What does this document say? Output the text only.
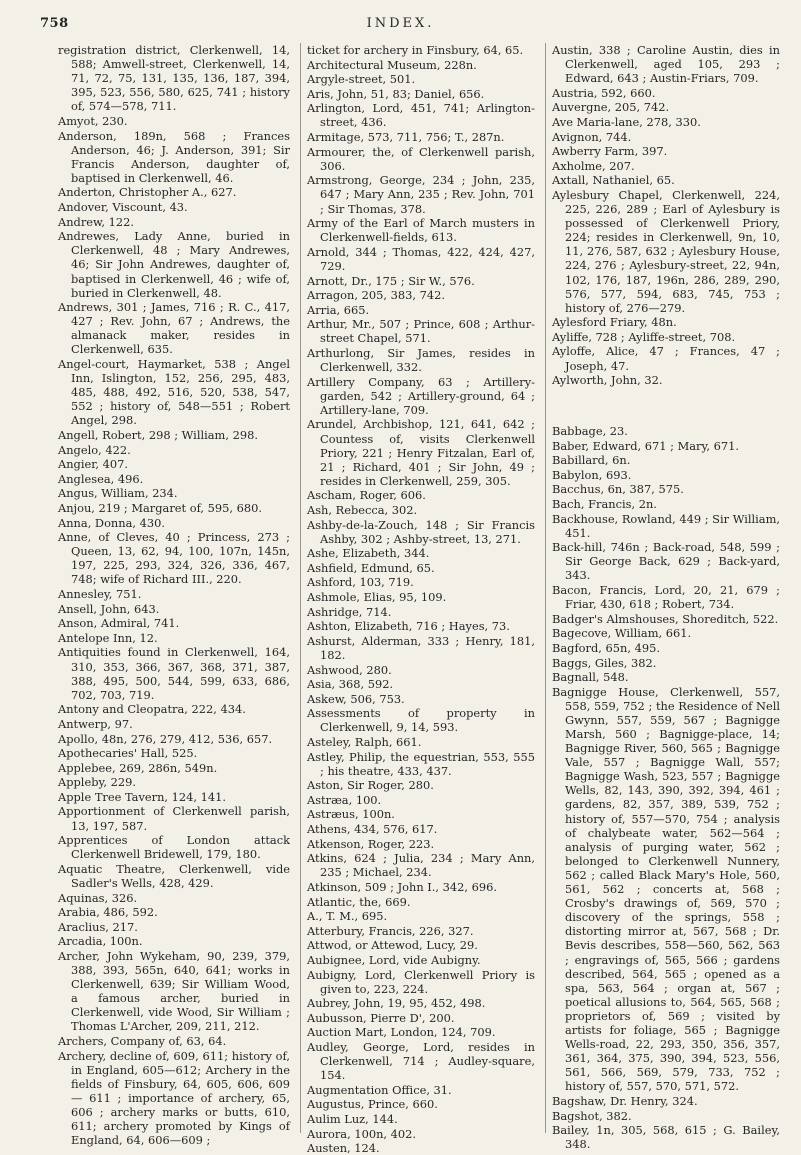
758	INDEX.

registration district, Clerkenwell, 14, 588; Amwell-street, Clerkenwell, 14, 71, 72, 75, 131, 135, 136, 187, 394, 395, 523, 556, 580, 625, 741 ; history of, 574—578, 711.

Amyot, 230.

Anderson, 189n, 568 ; Frances Anderson, 46; J. Anderson, 391; Sir Francis Anderson, daughter of, baptised in Clerkenwell, 46.

Anderton, Christopher A., 627.

Andover, Viscount, 43.

Andrew, 122.

Andrewes, Lady Anne, buried in Clerkenwell, 48 ; Mary Andrewes, 46; Sir John Andrewes, daughter of, baptised in Clerkenwell, 46 ; wife of, buried in Clerkenwell, 48.

Andrews, 301 ; James, 716 ; R. C., 417, 427 ; Rev. John, 67 ; Andrews, the almanack maker, resides in Clerkenwell, 635.

Angel-court, Haymarket, 538 ; Angel Inn, Islington, 152, 256, 295, 483, 485, 488, 492, 516, 520, 538, 547, 552 ; history of, 548—551 ; Robert Angel, 298.

Angell, Robert, 298 ; William, 298.

Angelo, 422.

Angier, 407.

Anglesea, 496.

Angus, William, 234.

Anjou, 219 ; Margaret of, 595, 680.

Anna, Donna, 430.

Anne, of Cleves, 40 ; Princess, 273 ; Queen, 13, 62, 94, 100, 107n, 145n, 197, 225, 293, 324, 326, 336, 467, 748; wife of Richard III., 220.

Annesley, 751.

Ansell, John, 643.

Anson, Admiral, 741.

Antelope Inn, 12.

Antiquities found in Clerkenwell, 164, 310, 353, 366, 367, 368, 371, 387, 388, 495, 500, 544, 599, 633, 686, 702, 703, 719.

Antony and Cleopatra, 222, 434.

Antwerp, 97.

Apollo, 48n, 276, 279, 412, 536, 657.

Apothecaries' Hall, 525.

Applebee, 269, 286n, 549n.

Appleby, 229.

Apple Tree Tavern, 124, 141.

Apportionment of Clerkenwell parish, 13, 197, 587.

Apprentices of London attack Clerkenwell Bridewell, 179, 180.

Aquatic Theatre, Clerkenwell, vide Sadler's Wells, 428, 429.

Aquinas, 326.

Arabia, 486, 592.

Araclius, 217.

Arcadia, 100n.

Archer, John Wykeham, 90, 239, 379, 388, 393, 565n, 640, 641; works in Clerkenwell, 639; Sir William Wood, a famous archer, buried in Clerkenwell, vide Wood, Sir William ; Thomas L'Archer, 209, 211, 212.

Archers, Company of, 63, 64.

Archery, decline of, 609, 611; history of, in England, 605—612; Archery in the fields of Finsbury, 64, 605, 606, 609 — 611 ; importance of archery, 65, 606 ; archery marks or butts, 610, 611; archery promoted by Kings of England, 64, 606—609 ;

ticket for archery in Finsbury, 64, 65.

Architectural Museum, 228n.

Argyle-street, 501.

Aris, John, 51, 83; Daniel, 656.

Arlington, Lord, 451, 741; Arlington-street, 436.

Armitage, 573, 711, 756; T., 287n.

Armourer, the, of Clerkenwell parish, 306.

Armstrong, George, 234 ; John, 235, 647 ; Mary Ann, 235 ; Rev. John, 701 ; Sir Thomas, 378.

Army of the Earl of March musters in Clerkenwell-fields, 613.

Arnold, 344 ; Thomas, 422, 424, 427, 729.

Arnott, Dr., 175 ; Sir W., 576.

Arragon, 205, 383, 742.

Arria, 665.

Arthur, Mr., 507 ; Prince, 608 ; Arthur-street Chapel, 571.

Arthurlong, Sir James, resides in Clerkenwell, 332.

Artillery Company, 63 ; Artillery-garden, 542 ; Artillery-ground, 64 ; Artillery-lane, 709.

Arundel, Archbishop, 121, 641, 642 ; Countess of, visits Clerkenwell Priory, 221 ; Henry Fitzalan, Earl of, 21 ; Richard, 401 ; Sir John, 49 ; resides in Clerkenwell, 259, 305.

Ascham, Roger, 606.

Ash, Rebecca, 302.

Ashby-de-la-Zouch, 148 ; Sir Francis Ashby, 302 ; Ashby-street, 13, 271.

Ashe, Elizabeth, 344.

Ashfield, Edmund, 65.

Ashford, 103, 719.

Ashmole, Elias, 95, 109.

Ashridge, 714.

Ashton, Elizabeth, 716 ; Hayes, 73.

Ashurst, Alderman, 333 ; Henry, 181, 182.

Ashwood, 280.

Asia, 368, 592.

Askew, 506, 753.

Assessments of property in Clerkenwell, 9, 14, 593.

Asteley, Ralph, 661.

Astley, Philip, the equestrian, 553, 555 ; his theatre, 433, 437.

Aston, Sir Roger, 280.

Astræa, 100.

Astræus, 100n.

Athens, 434, 576, 617.

Atkenson, Roger, 223.

Atkins, 624 ; Julia, 234 ; Mary Ann, 235 ; Michael, 234.

Atkinson, 509 ; John I., 342, 696.

Atlantic, the, 669.

A., T. M., 695.

Atterbury, Francis, 226, 327.

Attwod, or Attewod, Lucy, 29.

Aubignee, Lord, vide Aubigny.

Aubigny, Lord, Clerkenwell Priory is given to, 223, 224.

Aubrey, John, 19, 95, 452, 498.

Aubusson, Pierre D', 200.

Auction Mart, London, 124, 709.

Audley, George, Lord, resides in Clerkenwell, 714 ; Audley-square, 154.

Augmentation Office, 31.

Augustus, Prince, 660.

Aulim Luz, 144.

Aurora, 100n, 402.

Austen, 124.

Austin, 338 ; Caroline Austin, dies in Clerkenwell, aged 105, 293 ; Edward, 643 ; Austin-Friars, 709.

Austria, 592, 660.

Auvergne, 205, 742.

Ave Maria-lane, 278, 330.

Avignon, 744.

Awberry Farm, 397.

Axholme, 207.

Axtall, Nathaniel, 65.

Aylesbury Chapel, Clerkenwell, 224, 225, 226, 289 ; Earl of Aylesbury is possessed of Clerkenwell Priory, 224; resides in Clerkenwell, 9n, 10, 11, 276, 587, 632 ; Aylesbury House, 224, 276 ; Aylesbury-street, 22, 94n, 102, 176, 187, 196n, 286, 289, 290, 576, 577, 594, 683, 745, 753 ; history of, 276—279.

Aylesford Friary, 48n.

Ayliffe, 728 ; Ayliffe-street, 708.

Ayloffe, Alice, 47 ; Frances, 47 ; Joseph, 47.

Aylworth, John, 32.

Babbage, 23.

Baber, Edward, 671 ; Mary, 671.

Babillard, 6n.

Babylon, 693.

Bacchus, 6n, 387, 575.

Bach, Francis, 2n.

Backhouse, Rowland, 449 ; Sir William, 451.

Back-hill, 746n ; Back-road, 548, 599 ; Sir George Back, 629 ; Back-yard, 343.

Bacon, Francis, Lord, 20, 21, 679 ; Friar, 430, 618 ; Robert, 734.

Badger's Almshouses, Shoreditch, 522.

Bagecove, William, 661.

Bagford, 65n, 495.

Baggs, Giles, 382.

Bagnall, 548.

Bagnigge House, Clerkenwell, 557, 558, 559, 752 ; the Residence of Nell Gwynn, 557, 559, 567 ; Bagnigge Marsh, 560 ; Bagnigge-place, 14; Bagnigge River, 560, 565 ; Bagnigge Vale, 557 ; Bagnigge Wall, 557; Bagnigge Wash, 523, 557 ; Bagnigge Wells, 82, 143, 390, 392, 394, 461 ; gardens, 82, 357, 389, 539, 752 ; history of, 557—570, 754 ; analysis of chalybeate water, 562—564 ; analysis of purging water, 562 ; belonged to Clerkenwell Nunnery, 562 ; called Black Mary's Hole, 560, 561, 562 ; concerts at, 568 ; Crosby's drawings of, 569, 570 ; discovery of the springs, 558 ; distorting mirror at, 567, 568 ; Dr. Bevis describes, 558—560, 562, 563 ; engravings of, 565, 566 ; gardens described, 564, 565 ; opened as a spa, 563, 564 ; organ at, 567 ; poetical allusions to, 564, 565, 568 ; proprietors of, 569 ; visited by artists for foliage, 565 ; Bagnigge Wells-road, 22, 293, 350, 356, 357, 361, 364, 375, 390, 394, 523, 556, 561, 566, 569, 579, 733, 752 ; history of, 557, 570, 571, 572.

Bagshaw, Dr. Henry, 324.

Bagshot, 382.

Bailey, 1n, 305, 568, 615 ; G. Bailey, 348.
